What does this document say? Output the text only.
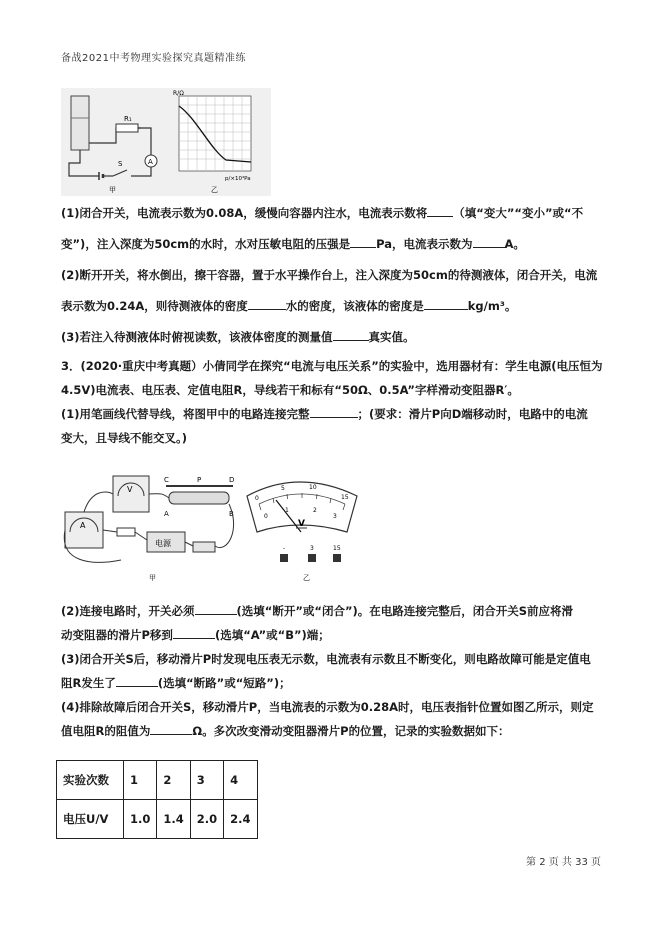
备战2021中考物理实验探究真题精准练
R₁
A
S
甲
R/Ω
p/×10⁴Pa
乙
(1)闭合开关，电流表示数为0.08A，缓慢向容器内注水，电流表示数将 （填“变大”“变小”或“不
变”)，注入深度为50cm的水时，水对压敏电阻的压强是 Pa，电流表示数为	A。
(2)断开开关，将水倒出，擦干容器，置于水平操作台上，注入深度为50cm的待测液体，闭合开关，电流
表示数为0.24A，则待测液体的密度	水的密度，该液体的密度是	kg/m³。
(3)若注入待测液体时俯视读数，该液体密度的测量值	真实值。
3．(2020·重庆中考真题）小倩同学在探究“电流与电压关系”的实验中，选用器材有：学生电源(电压恒为
4.5V)电流表、电压表、定值电阻R，导线若干和标有“50Ω、0.5A”字样滑动变阻器R′。
(1)用笔画线代替导线，将图甲中的电路连接完整	；(要求：滑片P向D端移动时，电路中的电流
变大，且导线不能交叉。)
A
V
C	D
A	B
P
电源
甲
0
5	10
15
0
1	2
3
V
-	3	15
乙
(2)连接电路时，开关必须	(选填“断开”或“闭合”)。在电路连接完整后，闭合开关S前应将滑
动变阻器的滑片P移到	(选填“A”或“B”)端；
(3)闭合开关S后，移动滑片P时发现电压表无示数，电流表有示数且不断变化，则电路故障可能是定值电
阻R发生了	(选填“断路”或“短路”)；
(4)排除故障后闭合开关S，移动滑片P，当电流表的示数为0.28A时，电压表指针位置如图乙所示，则定
值电阻R的阻值为	Ω。多次改变滑动变阻器滑片P的位置，记录的实验数据如下：
实验次数	1	2	3	4
电压U/V	1.0	1.4	2.0	2.4
第 2 页 共 33 页
